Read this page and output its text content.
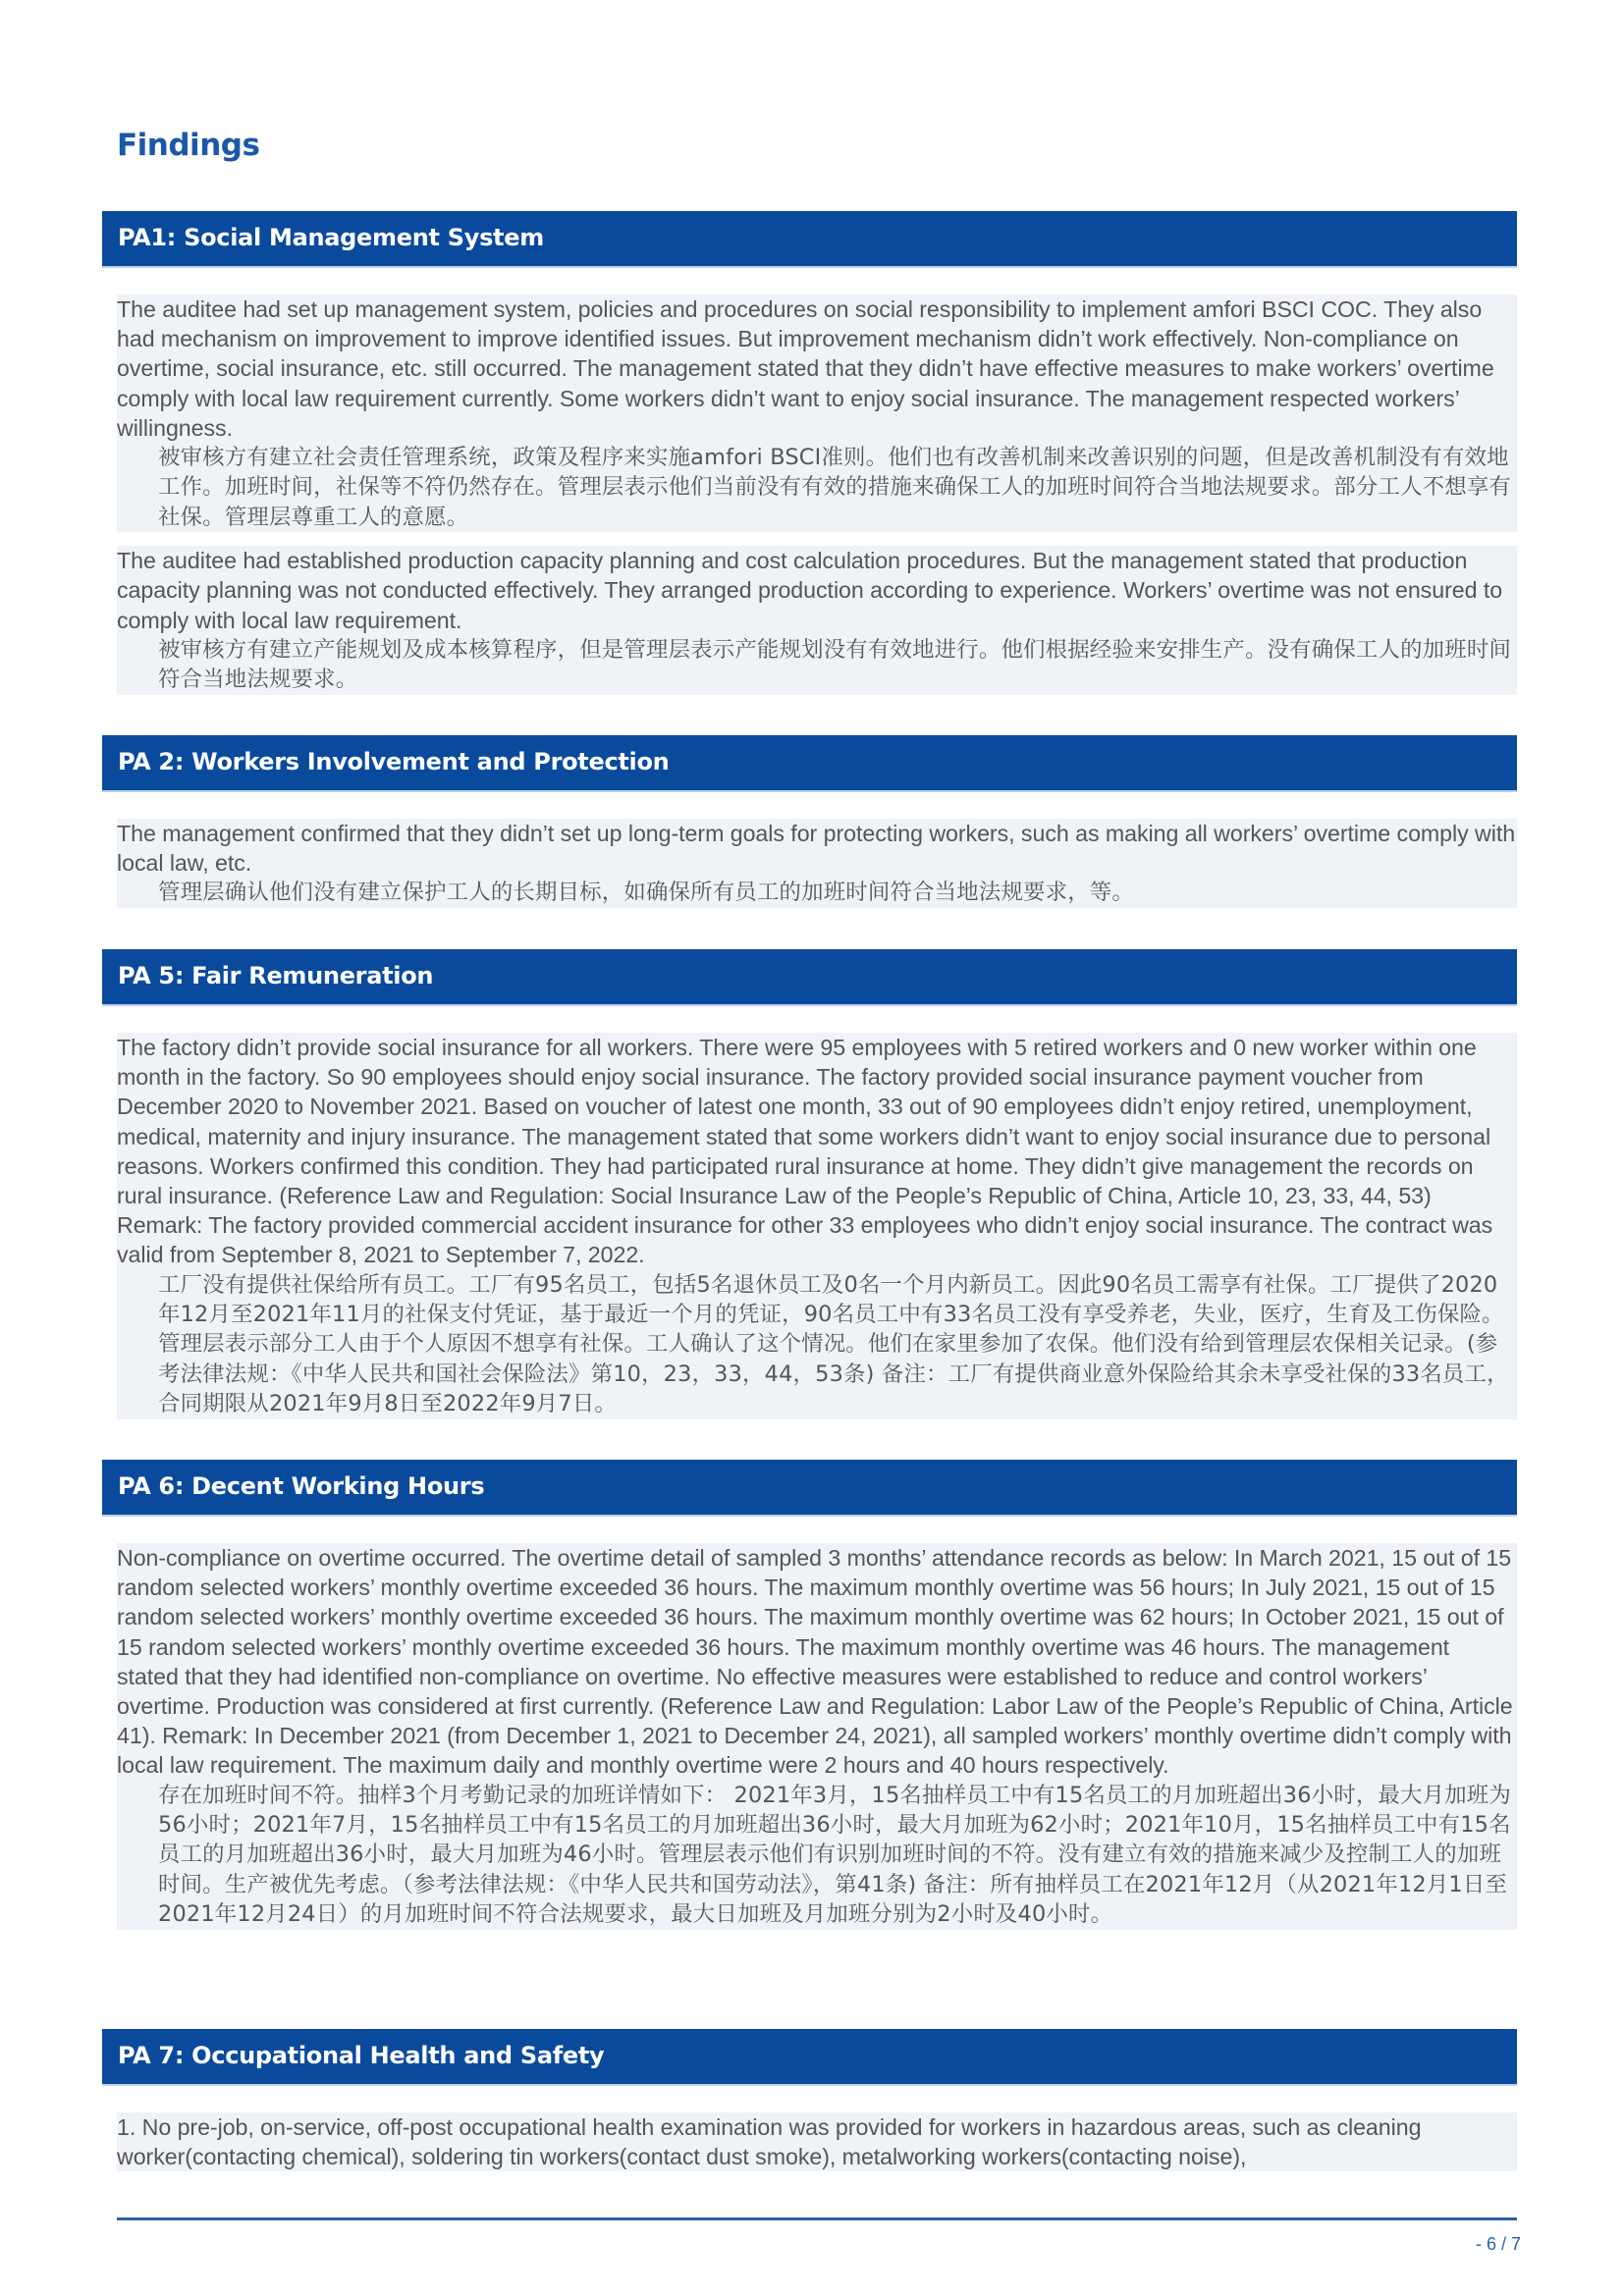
Findings
PA1: Social Management System

The auditee had set up management system, policies and procedures on social responsibility to implement amfori BSCI COC. They also had mechanism on improvement to improve identified issues. But improvement mechanism didn’t work effectively. Non-compliance on overtime, social insurance, etc. still occurred. The management stated that they didn’t have effective measures to make workers’ overtime comply with local law requirement currently. Some workers didn’t want to enjoy social insurance. The management respected workers’ willingness.

被审核方有建立社会责任管理系统，政策及程序来实施amfori BSCI准则。他们也有改善机制来改善识别的问题，但是改善机制没有有效地工作。加班时间，社保等不符仍然存在。管理层表示他们当前没有有效的措施来确保工人的加班时间符合当地法规要求。部分工人不想享有社保。管理层尊重工人的意愿。

The auditee had established production capacity planning and cost calculation procedures. But the management stated that production capacity planning was not conducted effectively. They arranged production according to experience. Workers’ overtime was not ensured to comply with local law requirement.

被审核方有建立产能规划及成本核算程序，但是管理层表示产能规划没有有效地进行。他们根据经验来安排生产。没有确保工人的加班时间符合当地法规要求。

PA 2: Workers Involvement and Protection

The management confirmed that they didn’t set up long-term goals for protecting workers, such as making all workers’ overtime comply with local law, etc.

管理层确认他们没有建立保护工人的长期目标，如确保所有员工的加班时间符合当地法规要求，等。

PA 5: Fair Remuneration

The factory didn’t provide social insurance for all workers. There were 95 employees with 5 retired workers and 0 new worker within one month in the factory. So 90 employees should enjoy social insurance. The factory provided social insurance payment voucher from December 2020 to November 2021. Based on voucher of latest one month, 33 out of 90 employees didn’t enjoy retired, unemployment, medical, maternity and injury insurance. The management stated that some workers didn’t want to enjoy social insurance due to personal reasons. Workers confirmed this condition. They had participated rural insurance at home. They didn’t give management the records on rural insurance. (Reference Law and Regulation: Social Insurance Law of the People’s Republic of China, Article 10, 23, 33, 44, 53) Remark: The factory provided commercial accident insurance for other 33 employees who didn’t enjoy social insurance. The contract was valid from September 8, 2021 to September 7, 2022.

工厂没有提供社保给所有员工。工厂有95名员工，包括5名退休员工及0名一个月内新员工。因此90名员工需享有社保。工厂提供了2020年12月至2021年11月的社保支付凭证，基于最近一个月的凭证，90名员工中有33名员工没有享受养老，失业，医疗，生育及工伤保险。管理层表示部分工人由于个人原因不想享有社保。工人确认了这个情况。他们在家里参加了农保。他们没有给到管理层农保相关记录。(参考法律法规：《中华人民共和国社会保险法》第10，23，33，44，53条) 备注：工厂有提供商业意外保险给其余未享受社保的33名员工，合同期限从2021年9月8日至2022年9月7日。

PA 6: Decent Working Hours

Non-compliance on overtime occurred. The overtime detail of sampled 3 months’ attendance records as below: In March 2021, 15 out of 15 random selected workers’ monthly overtime exceeded 36 hours. The maximum monthly overtime was 56 hours; In July 2021, 15 out of 15 random selected workers’ monthly overtime exceeded 36 hours. The maximum monthly overtime was 62 hours; In October 2021, 15 out of 15 random selected workers’ monthly overtime exceeded 36 hours. The maximum monthly overtime was 46 hours. The management stated that they had identified non-compliance on overtime. No effective measures were established to reduce and control workers’ overtime. Production was considered at first currently. (Reference Law and Regulation: Labor Law of the People’s Republic of China, Article 41). Remark: In December 2021 (from December 1, 2021 to December 24, 2021), all sampled workers’ monthly overtime didn’t comply with local law requirement. The maximum daily and monthly overtime were 2 hours and 40 hours respectively.

存在加班时间不符。抽样3个月考勤记录的加班详情如下： 2021年3月，15名抽样员工中有15名员工的月加班超出36小时，最大月加班为56小时；2021年7月，15名抽样员工中有15名员工的月加班超出36小时，最大月加班为62小时；2021年10月，15名抽样员工中有15名员工的月加班超出36小时，最大月加班为46小时。管理层表示他们有识别加班时间的不符。没有建立有效的措施来减少及控制工人的加班时间。生产被优先考虑。（参考法律法规：《中华人民共和国劳动法》，第41条) 备注：所有抽样员工在2021年12月（从2021年12月1日至2021年12月24日）的月加班时间不符合法规要求，最大日加班及月加班分别为2小时及40小时。

PA 7: Occupational Health and Safety

1. No pre-job, on-service, off-post occupational health examination was provided for workers in hazardous areas, such as cleaning worker(contacting chemical), soldering tin workers(contact dust smoke), metalworking workers(contacting noise),

- 6 / 7
